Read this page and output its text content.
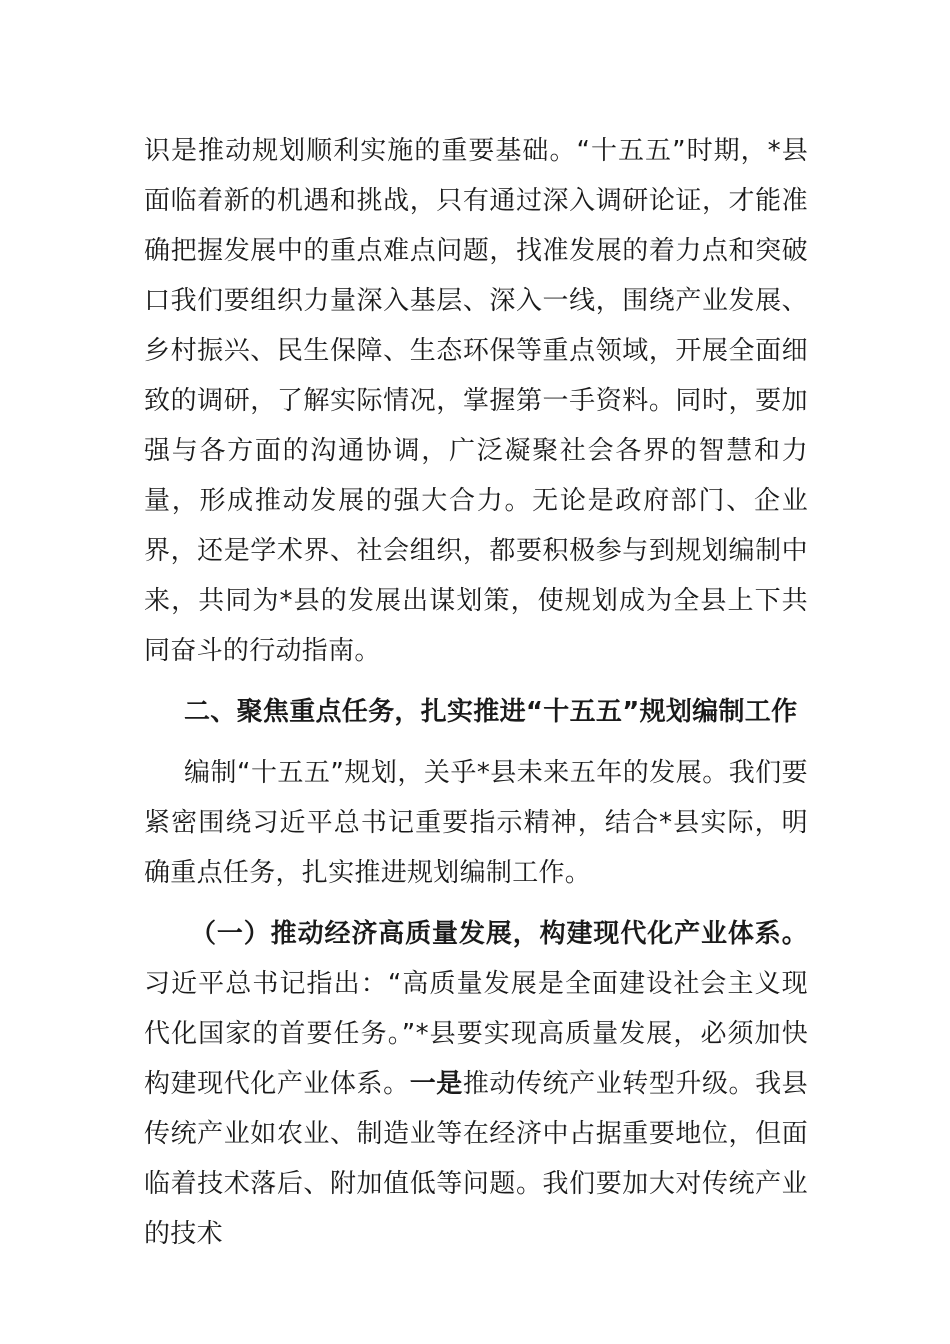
识是推动规划顺利实施的重要基础。“十五五”时期，*县面临着新的机遇和挑战，只有通过深入调研论证，才能准确把握发展中的重点难点问题，找准发展的着力点和突破口我们要组织力量深入基层、深入一线，围绕产业发展、乡村振兴、民生保障、生态环保等重点领域，开展全面细致的调研，了解实际情况，掌握第一手资料。同时，要加强与各方面的沟通协调，广泛凝聚社会各界的智慧和力量，形成推动发展的强大合力。无论是政府部门、企业界，还是学术界、社会组织，都要积极参与到规划编制中来，共同为*县的发展出谋划策，使规划成为全县上下共同奋斗的行动指南。

二、聚焦重点任务，扎实推进“十五五”规划编制工作

编制“十五五”规划，关乎*县未来五年的发展。我们要紧密围绕习近平总书记重要指示精神，结合*县实际，明确重点任务，扎实推进规划编制工作。

（一）推动经济高质量发展，构建现代化产业体系。习近平总书记指出：“高质量发展是全面建设社会主义现代化国家的首要任务。”*县要实现高质量发展，必须加快构建现代化产业体系。一是推动传统产业转型升级。我县传统产业如农业、制造业等在经济中占据重要地位，但面临着技术落后、附加值低等问题。我们要加大对传统产业的技术
